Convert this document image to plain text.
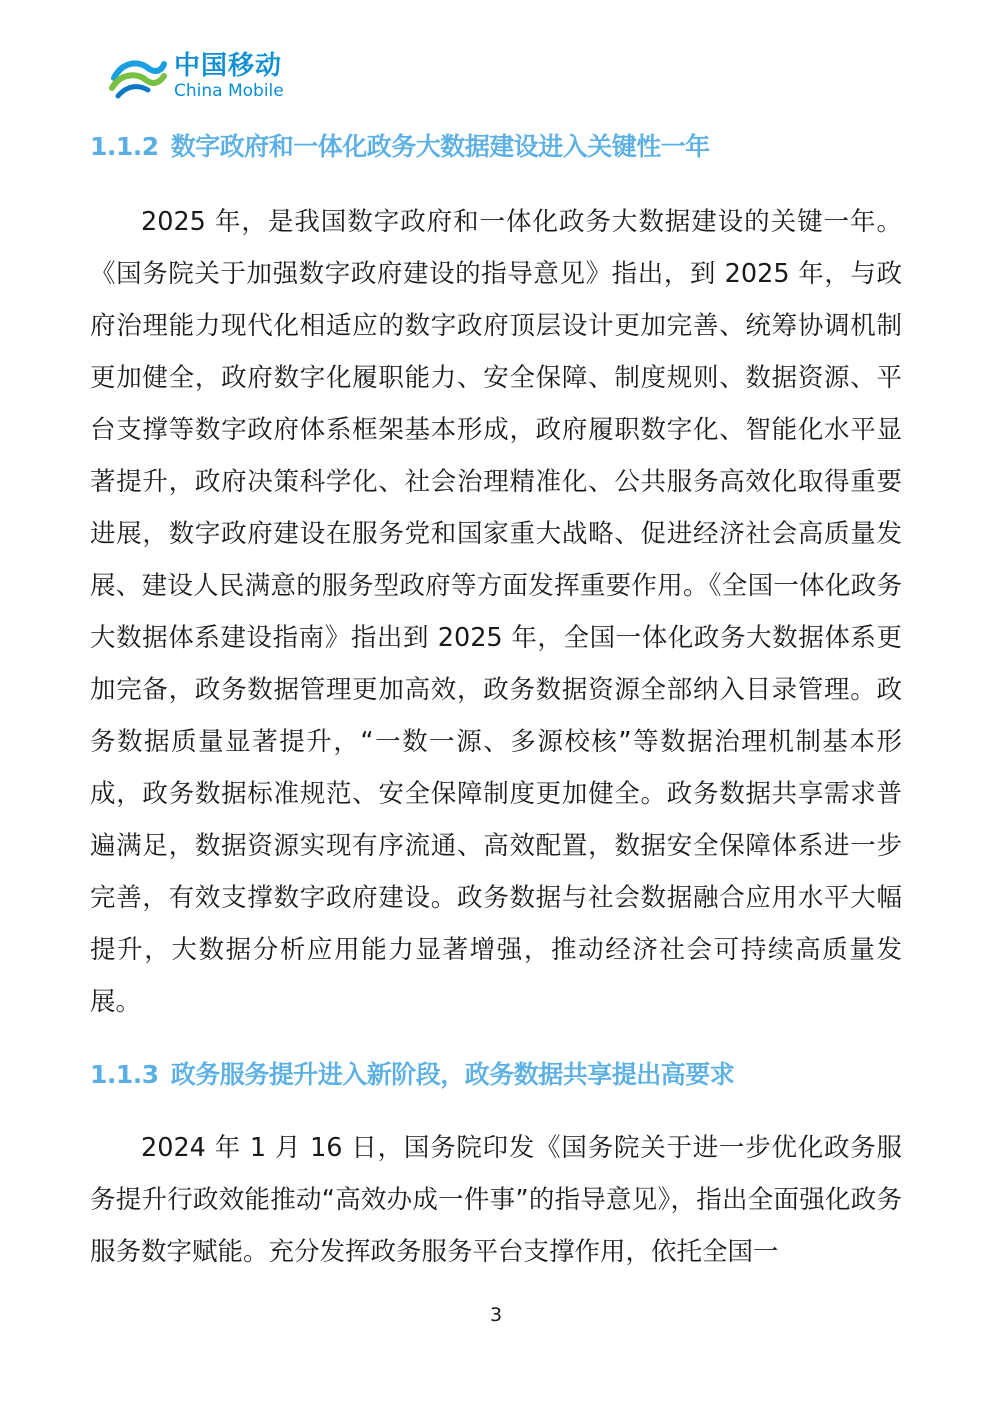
中国移动
China Mobile
1.1.2 数字政府和一体化政务大数据建设进入关键性一年

2025 年，是我国数字政府和一体化政务大数据建设的关键一年。《国务院关于加强数字政府建设的指导意见》指出，到 2025 年，与政府治理能力现代化相适应的数字政府顶层设计更加完善、统筹协调机制更加健全，政府数字化履职能力、安全保障、制度规则、数据资源、平台支撑等数字政府体系框架基本形成，政府履职数字化、智能化水平显著提升，政府决策科学化、社会治理精准化、公共服务高效化取得重要进展，数字政府建设在服务党和国家重大战略、促进经济社会高质量发展、建设人民满意的服务型政府等方面发挥重要作用。《全国一体化政务大数据体系建设指南》指出到 2025 年，全国一体化政务大数据体系更加完备，政务数据管理更加高效，政务数据资源全部纳入目录管理。政务数据质量显著提升，“一数一源、多源校核”等数据治理机制基本形成，政务数据标准规范、安全保障制度更加健全。政务数据共享需求普遍满足，数据资源实现有序流通、高效配置，数据安全保障体系进一步完善，有效支撑数字政府建设。政务数据与社会数据融合应用水平大幅提升，大数据分析应用能力显著增强，推动经济社会可持续高质量发展。

1.1.3 政务服务提升进入新阶段，政务数据共享提出高要求

2024 年 1 月 16 日，国务院印发《国务院关于进一步优化政务服务提升行政效能推动“高效办成一件事”的指导意见》，指出全面强化政务服务数字赋能。充分发挥政务服务平台支撑作用，依托全国一

3
